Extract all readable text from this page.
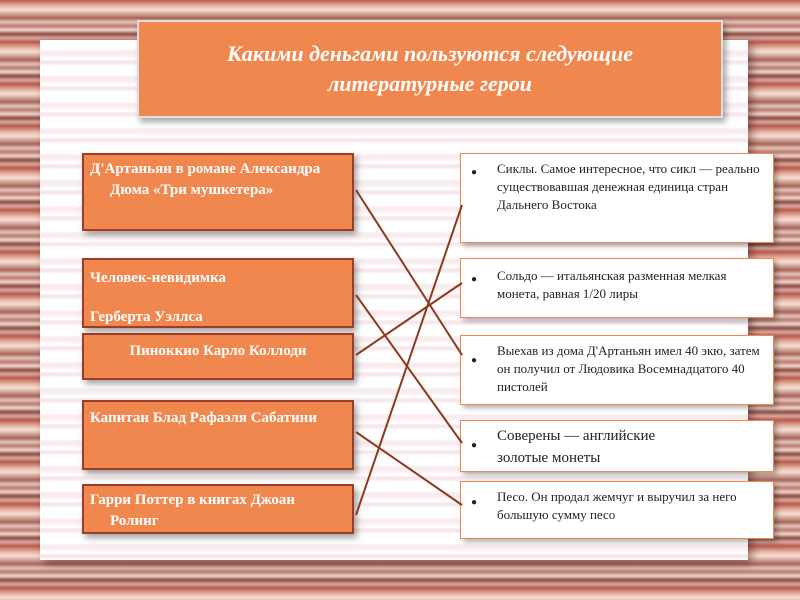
Какими деньгами пользуются следующие литературные герои
Д'Артаньян в романе Александра Дюма «Три мушкетера»
Человек-невидимка
Герберта Уэллса
Пиноккио Карло Коллоди
Капитан Блад Рафаэля Сабатини
Гарри Поттер в книгах Джоан Ролинг
● Сиклы. Самое интересное, что сикл — реально существовавшая денежная единица стран Дальнего Востока
● Сольдо — итальянская разменная мелкая монета, равная 1/20 лиры
●
Выехав из дома Д'Артаньян имел 40 экю, затем он получил от Людовика Восемнадцатого 40 пистолей
●
Соверены — английские золотые монеты
● Песо. Он продал жемчуг и выручил за него большую сумму песо
